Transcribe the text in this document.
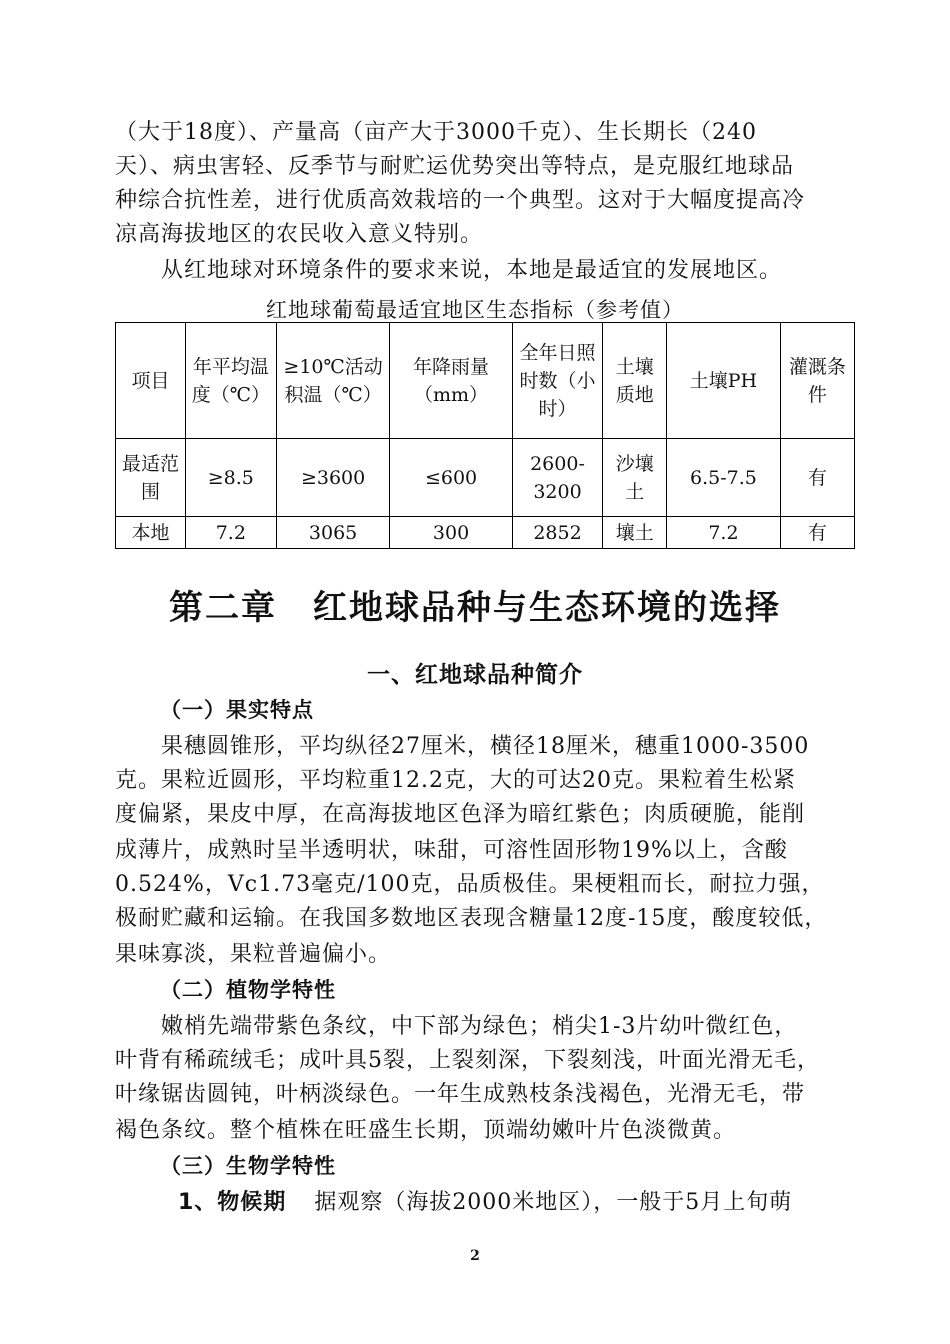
（大于18度）、产量高（亩产大于3000千克）、生长期长（240
天）、病虫害轻、反季节与耐贮运优势突出等特点，是克服红地球品
种综合抗性差，进行优质高效栽培的一个典型。这对于大幅度提高冷
凉高海拔地区的农民收入意义特别。
　　从红地球对环境条件的要求来说，本地是最适宜的发展地区。
红地球葡萄最适宜地区生态指标（参考值）
项目	年平均温度（℃）	≥10℃活动积温（℃）	年降雨量（mm）	全年日照时数（小时）	土壤质地	土壤PH	灌溉条件
最适范围	≥8.5	≥3600	≤600	2600-3200	沙壤土	6.5-7.5	有
本地	7.2	3065	300	2852	壤土	7.2	有
第二章　红地球品种与生态环境的选择
一、红地球品种简介
（一）果实特点
　　果穗圆锥形，平均纵径27厘米，横径18厘米，穗重1000-3500
克。果粒近圆形，平均粒重12.2克，大的可达20克。果粒着生松紧
度偏紧，果皮中厚，在高海拔地区色泽为暗红紫色；肉质硬脆，能削
成薄片，成熟时呈半透明状，味甜，可溶性固形物19%以上，含酸
0.524%，Vc1.73毫克/100克，品质极佳。果梗粗而长，耐拉力强，
极耐贮藏和运输。在我国多数地区表现含糖量12度-15度，酸度较低，
果味寡淡，果粒普遍偏小。
（二）植物学特性
　　嫩梢先端带紫色条纹，中下部为绿色；梢尖1-3片幼叶微红色，
叶背有稀疏绒毛；成叶具5裂，上裂刻深，下裂刻浅，叶面光滑无毛，
叶缘锯齿圆钝，叶柄淡绿色。一年生成熟枝条浅褐色，光滑无毛，带
褐色条纹。整个植株在旺盛生长期，顶端幼嫩叶片色淡微黄。
（三）生物学特性
1、物候期 据观察（海拔2000米地区），一般于5月上旬萌
2
